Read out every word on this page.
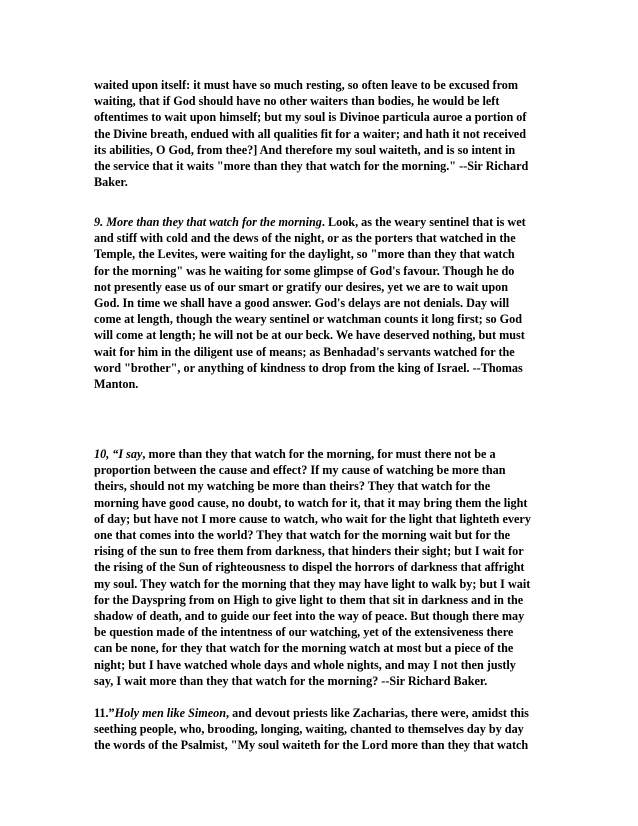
waited upon itself: it must have so much resting, so often leave to be excused from
waiting, that if God should have no other waiters than bodies, he would be left
oftentimes to wait upon himself; but my soul is Divinoe particula auroe a portion of
the Divine breath, endued with all qualities fit for a waiter; and hath it not received
its abilities, O God, from thee?] And therefore my soul waiteth, and is so intent in
the service that it waits "more than they that watch for the morning." --Sir Richard
Baker.
9. More than they that watch for the morning. Look, as the weary sentinel that is wet
and stiff with cold and the dews of the night, or as the porters that watched in the
Temple, the Levites, were waiting for the daylight, so "more than they that watch
for the morning" was he waiting for some glimpse of God's favour. Though he do
not presently ease us of our smart or gratify our desires, yet we are to wait upon
God. In time we shall have a good answer. God's delays are not denials. Day will
come at length, though the weary sentinel or watchman counts it long first; so God
will come at length; he will not be at our beck. We have deserved nothing, but must
wait for him in the diligent use of means; as Benhadad's servants watched for the
word "brother", or anything of kindness to drop from the king of Israel. --Thomas
Manton.
10, “I say, more than they that watch for the morning, for must there not be a
proportion between the cause and effect? If my cause of watching be more than
theirs, should not my watching be more than theirs? They that watch for the
morning have good cause, no doubt, to watch for it, that it may bring them the light
of day; but have not I more cause to watch, who wait for the light that lighteth every
one that comes into the world? They that watch for the morning wait but for the
rising of the sun to free them from darkness, that hinders their sight; but I wait for
the rising of the Sun of righteousness to dispel the horrors of darkness that affright
my soul. They watch for the morning that they may have light to walk by; but I wait
for the Dayspring from on High to give light to them that sit in darkness and in the
shadow of death, and to guide our feet into the way of peace. But though there may
be question made of the intentness of our watching, yet of the extensiveness there
can be none, for they that watch for the morning watch at most but a piece of the
night; but I have watched whole days and whole nights, and may I not then justly
say, I wait more than they that watch for the morning? --Sir Richard Baker.
11.”Holy men like Simeon, and devout priests like Zacharias, there were, amidst this
seething people, who, brooding, longing, waiting, chanted to themselves day by day
the words of the Psalmist, "My soul waiteth for the Lord more than they that watch
